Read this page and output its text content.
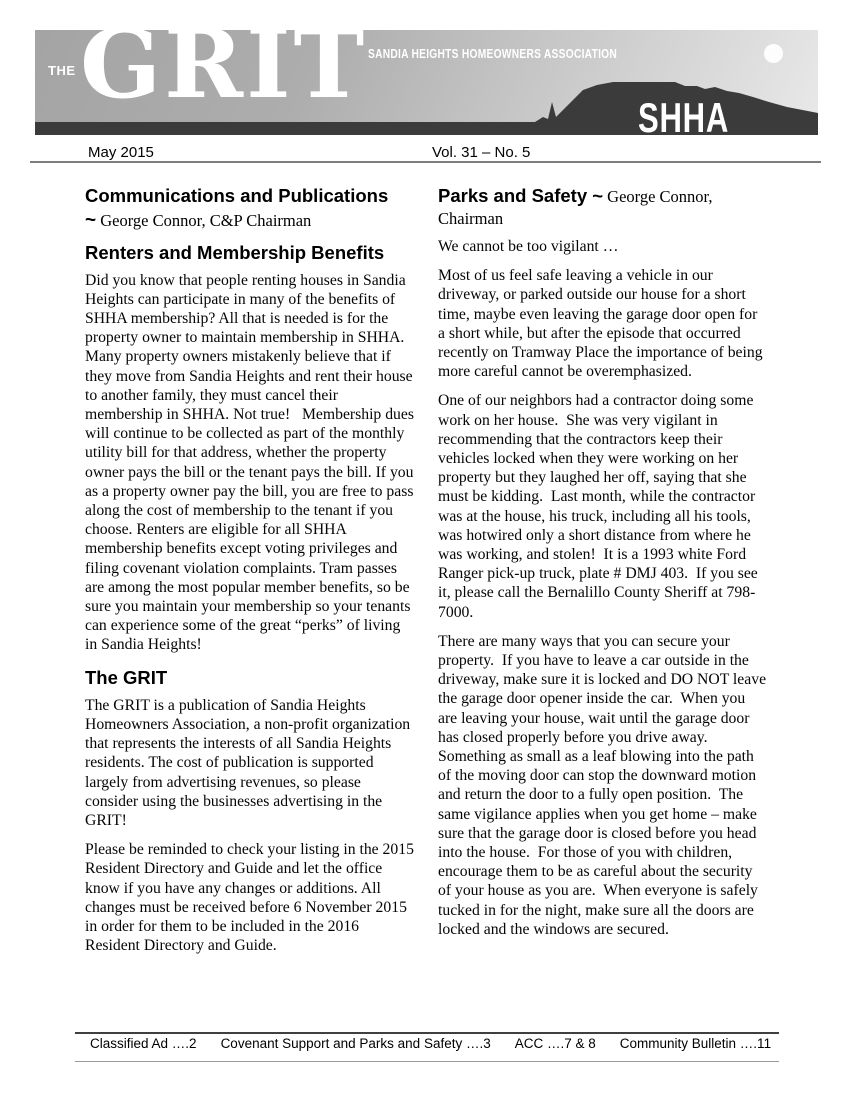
THE GRIT SANDIA HEIGHTS HOMEOWNERS ASSOCIATION
SHHA
May 2015	Vol. 31 – No. 5
Communications and Publications

~ George Connor, C&P Chairman

Renters and Membership Benefits

Did you know that people renting houses in Sandia Heights can participate in many of the benefits of SHHA membership? All that is needed is for the property owner to maintain membership in SHHA. Many property owners mistakenly believe that if they move from Sandia Heights and rent their house to another family, they must cancel their membership in SHHA. Not true!   Membership dues will continue to be collected as part of the monthly utility bill for that address, whether the property owner pays the bill or the tenant pays the bill. If you as a property owner pay the bill, you are free to pass along the cost of membership to the tenant if you choose. Renters are eligible for all SHHA membership benefits except voting privileges and filing covenant violation complaints. Tram passes are among the most popular member benefits, so be sure you maintain your membership so your tenants can experience some of the great “perks” of living in Sandia Heights!

The GRIT

The GRIT is a publication of Sandia Heights Homeowners Association, a non-profit organization that represents the interests of all Sandia Heights residents. The cost of publication is supported largely from advertising revenues, so please consider using the businesses advertising in the GRIT!

Please be reminded to check your listing in the 2015 Resident Directory and Guide and let the office know if you have any changes or additions. All changes must be received before 6 November 2015 in order for them to be included in the 2016 Resident Directory and Guide.

Parks and Safety ~ George Connor, Chairman

We cannot be too vigilant …

Most of us feel safe leaving a vehicle in our driveway, or parked outside our house for a short time, maybe even leaving the garage door open for a short while, but after the episode that occurred recently on Tramway Place the importance of being more careful cannot be overemphasized.

One of our neighbors had a contractor doing some work on her house.  She was very vigilant in recommending that the contractors keep their vehicles locked when they were working on her property but they laughed her off, saying that she must be kidding.  Last month, while the contractor was at the house, his truck, including all his tools, was hotwired only a short distance from where he was working, and stolen!  It is a 1993 white Ford Ranger pick-up truck, plate # DMJ 403.  If you see it, please call the Bernalillo County Sheriff at 798-7000.

There are many ways that you can secure your property.  If you have to leave a car outside in the driveway, make sure it is locked and DO NOT leave the garage door opener inside the car.  When you are leaving your house, wait until the garage door has closed properly before you drive away.  Something as small as a leaf blowing into the path of the moving door can stop the downward motion and return the door to a fully open position.  The same vigilance applies when you get home – make sure that the garage door is closed before you head into the house.  For those of you with children, encourage them to be as careful about the security of your house as you are.  When everyone is safely tucked in for the night, make sure all the doors are locked and the windows are secured.

Classified Ad ….2 Covenant Support and Parks and Safety ….3 ACC ….7 & 8 Community Bulletin ….11
